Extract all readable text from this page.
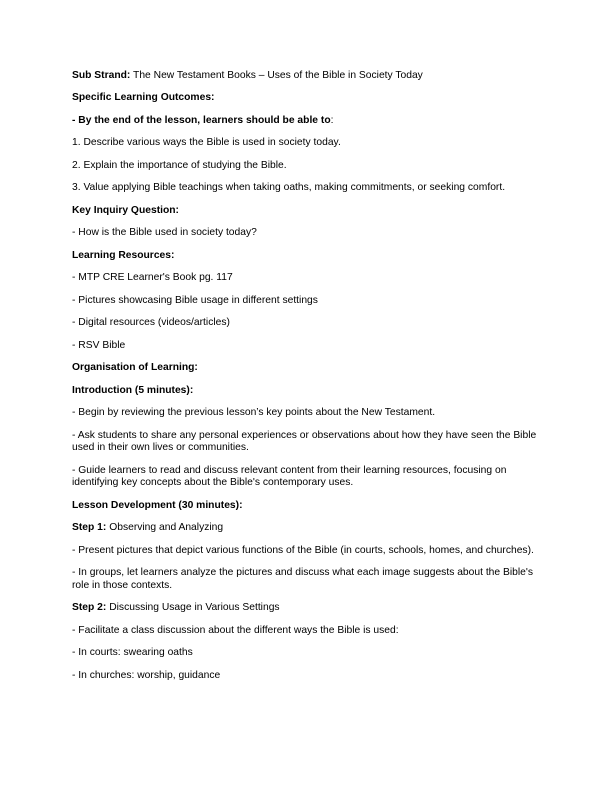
Sub Strand: The New Testament Books – Uses of the Bible in Society Today

Specific Learning Outcomes:

- By the end of the lesson, learners should be able to:

1. Describe various ways the Bible is used in society today.

2. Explain the importance of studying the Bible.

3. Value applying Bible teachings when taking oaths, making commitments, or seeking comfort.

Key Inquiry Question:

- How is the Bible used in society today?

Learning Resources:

- MTP CRE Learner's Book pg. 117

- Pictures showcasing Bible usage in different settings

- Digital resources (videos/articles)

- RSV Bible

Organisation of Learning:

Introduction (5 minutes):

- Begin by reviewing the previous lesson’s key points about the New Testament.

- Ask students to share any personal experiences or observations about how they have seen the Bible used in their own lives or communities.

- Guide learners to read and discuss relevant content from their learning resources, focusing on identifying key concepts about the Bible's contemporary uses.

Lesson Development (30 minutes):

Step 1: Observing and Analyzing

- Present pictures that depict various functions of the Bible (in courts, schools, homes, and churches).

- In groups, let learners analyze the pictures and discuss what each image suggests about the Bible's role in those contexts.

Step 2: Discussing Usage in Various Settings

- Facilitate a class discussion about the different ways the Bible is used:

- In courts: swearing oaths

- In churches: worship, guidance
